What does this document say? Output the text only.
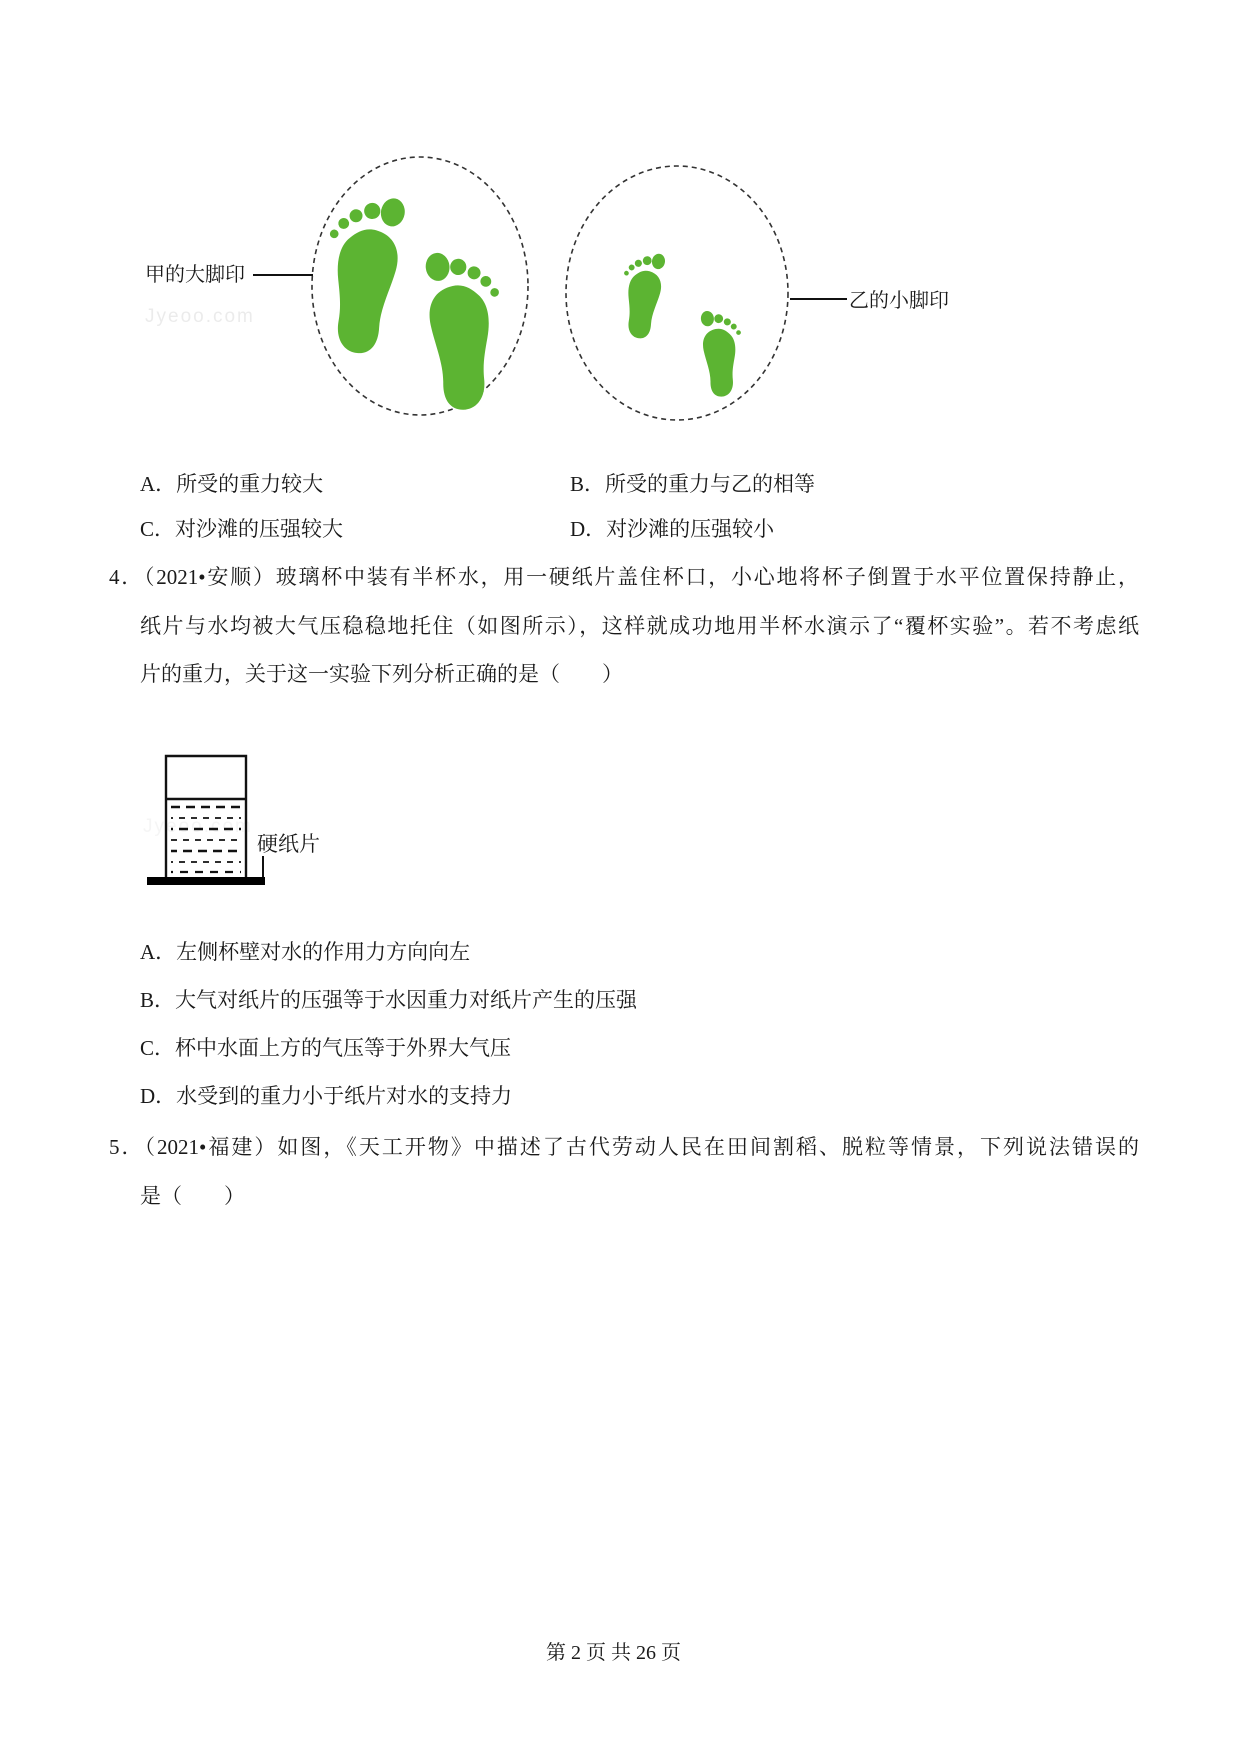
Jyeoo.com
甲的大脚印
乙的小脚印
A．所受的重力较大	B．所受的重力与乙的相等
C．对沙滩的压强较大	D．对沙滩的压强较小
4．（2021•安顺）玻璃杯中装有半杯水，用一硬纸片盖住杯口，小心地将杯子倒置于水平位置保持静止，
纸片与水均被大气压稳稳地托住（如图所示），这样就成功地用半杯水演示了“覆杯实验”。若不考虑纸
片的重力，关于这一实验下列分析正确的是（　　）
Jyeoo.com
硬纸片
A．左侧杯壁对水的作用力方向向左
B．大气对纸片的压强等于水因重力对纸片产生的压强
C．杯中水面上方的气压等于外界大气压
D．水受到的重力小于纸片对水的支持力
5．（2021•福建）如图，《天工开物》中描述了古代劳动人民在田间割稻、脱粒等情景，下列说法错误的
是（　　）
第 2 页 共 26 页
